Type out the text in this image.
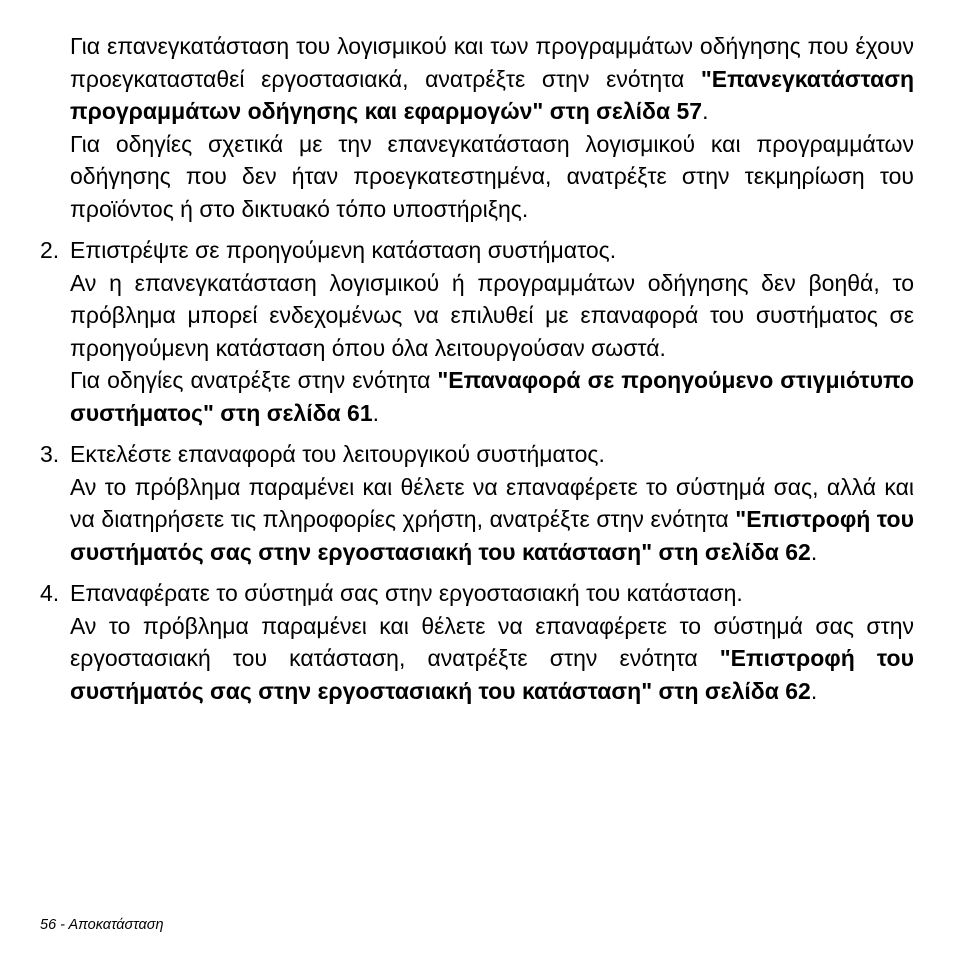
Για επανεγκατάσταση του λογισμικού και των προγραμμάτων οδήγησης που έχουν προεγκατασταθεί εργοστασιακά, ανατρέξτε στην ενότητα "Επανεγκατάσταση προγραμμάτων οδήγησης και εφαρμογών" στη σελίδα 57.
Για οδηγίες σχετικά με την επανεγκατάσταση λογισμικού και προγραμμάτων οδήγησης που δεν ήταν προεγκατεστημένα, ανατρέξτε στην τεκμηρίωση του προϊόντος ή στο δικτυακό τόπο υποστήριξης.
2. Επιστρέψτε σε προηγούμενη κατάσταση συστήματος.
Αν η επανεγκατάσταση λογισμικού ή προγραμμάτων οδήγησης δεν βοηθά, το πρόβλημα μπορεί ενδεχομένως να επιλυθεί με επαναφορά του συστήματος σε προηγούμενη κατάσταση όπου όλα λειτουργούσαν σωστά.
Για οδηγίες ανατρέξτε στην ενότητα "Επαναφορά σε προηγούμενο στιγμιότυπο συστήματος" στη σελίδα 61.
3. Εκτελέστε επαναφορά του λειτουργικού συστήματος.
Αν το πρόβλημα παραμένει και θέλετε να επαναφέρετε το σύστημά σας, αλλά και να διατηρήσετε τις πληροφορίες χρήστη, ανατρέξτε στην ενότητα "Επιστροφή του συστήματός σας στην εργοστασιακή του κατάσταση" στη σελίδα 62.
4. Επαναφέρατε το σύστημά σας στην εργοστασιακή του κατάσταση.
Αν το πρόβλημα παραμένει και θέλετε να επαναφέρετε το σύστημά σας στην εργοστασιακή του κατάσταση, ανατρέξτε στην ενότητα "Επιστροφή του συστήματός σας στην εργοστασιακή του κατάσταση" στη σελίδα 62.
56 - Αποκατάσταση
